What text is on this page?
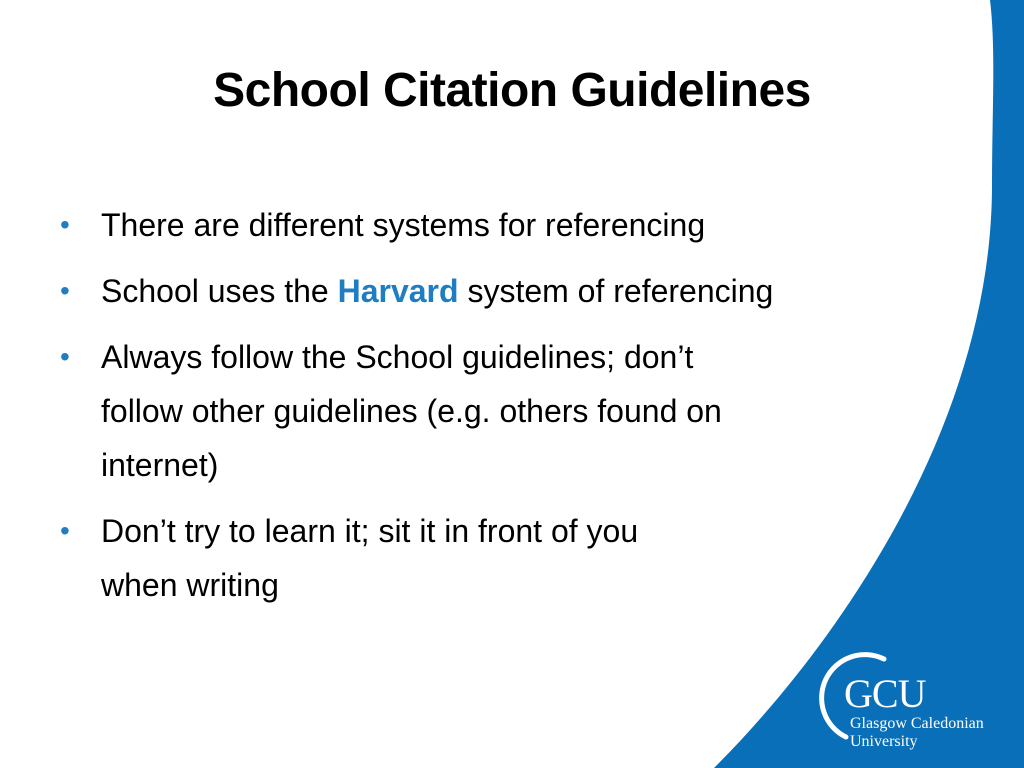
School Citation Guidelines
• There are different systems for referencing
• School uses the Harvard system of referencing
• Always follow the School guidelines; don’t
follow other guidelines (e.g. others found on
internet)
• Don’t try to learn it; sit it in front of you
when writing
GCU
Glasgow Caledonian
University
